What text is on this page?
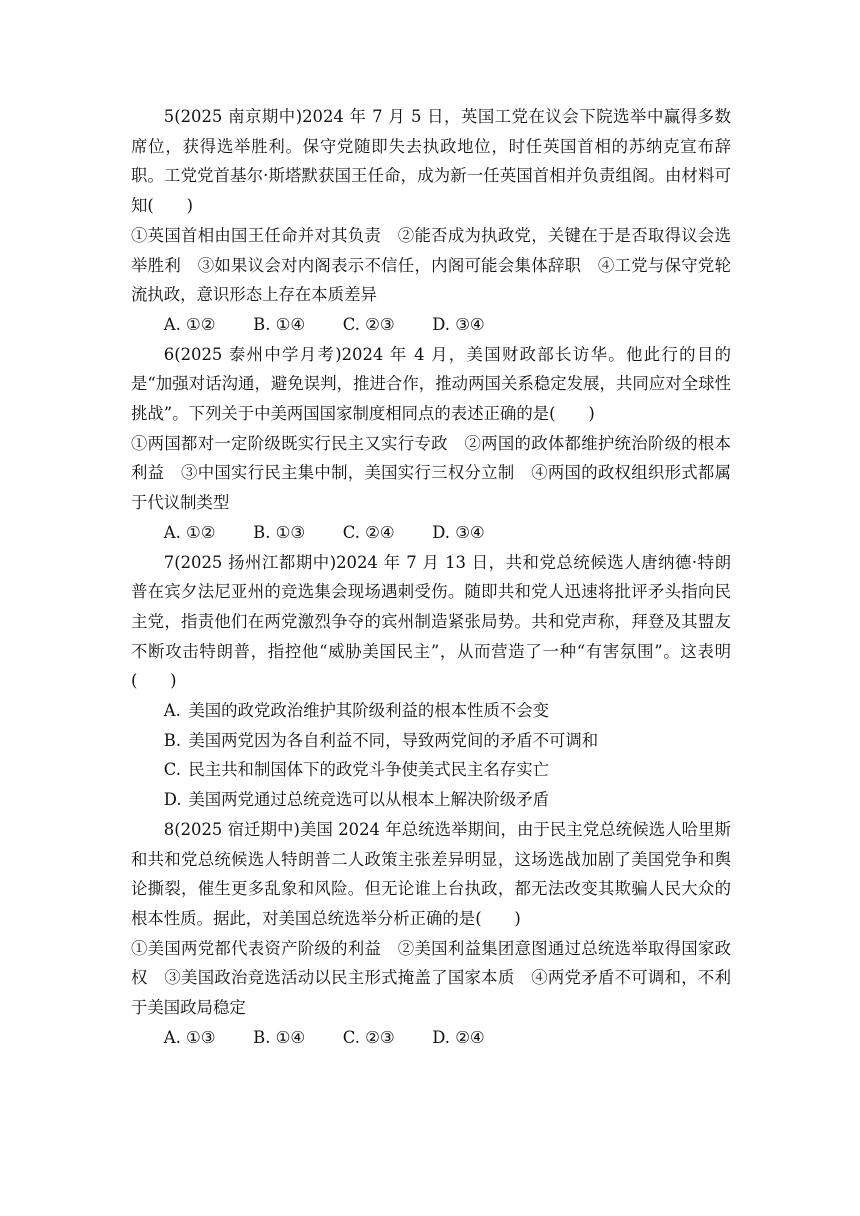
5(2025 南京期中)2024 年 7 月 5 日，英国工党在议会下院选举中赢得多数席位，获得选举胜利。保守党随即失去执政地位，时任英国首相的苏纳克宣布辞职。工党党首基尔·斯塔默获国王任命，成为新一任英国首相并负责组阁。由材料可知(　　)

①英国首相由国王任命并对其负责　②能否成为执政党，关键在于是否取得议会选举胜利　③如果议会对内阁表示不信任，内阁可能会集体辞职　④工党与保守党轮流执政，意识形态上存在本质差异

A. ①② B. ①④ C. ②③ D. ③④

6(2025 泰州中学月考)2024 年 4 月，美国财政部长访华。他此行的目的是“加强对话沟通，避免误判，推进合作，推动两国关系稳定发展，共同应对全球性挑战”。下列关于中美两国国家制度相同点的表述正确的是(　　)

①两国都对一定阶级既实行民主又实行专政　②两国的政体都维护统治阶级的根本利益　③中国实行民主集中制，美国实行三权分立制　④两国的政权组织形式都属于代议制类型

A. ①② B. ①③ C. ②④ D. ③④

7(2025 扬州江都期中)2024 年 7 月 13 日，共和党总统候选人唐纳德·特朗普在宾夕法尼亚州的竞选集会现场遇刺受伤。随即共和党人迅速将批评矛头指向民主党，指责他们在两党激烈争夺的宾州制造紧张局势。共和党声称，拜登及其盟友不断攻击特朗普，指控他“威胁美国民主”，从而营造了一种“有害氛围”。这表明(　　)

A. 美国的政党政治维护其阶级利益的根本性质不会变

B. 美国两党因为各自利益不同，导致两党间的矛盾不可调和

C. 民主共和制国体下的政党斗争使美式民主名存实亡

D. 美国两党通过总统竞选可以从根本上解决阶级矛盾

8(2025 宿迁期中)美国 2024 年总统选举期间，由于民主党总统候选人哈里斯和共和党总统候选人特朗普二人政策主张差异明显，这场选战加剧了美国党争和舆论撕裂，催生更多乱象和风险。但无论谁上台执政，都无法改变其欺骗人民大众的根本性质。据此，对美国总统选举分析正确的是(　　)

①美国两党都代表资产阶级的利益　②美国利益集团意图通过总统选举取得国家政权　③美国政治竞选活动以民主形式掩盖了国家本质　④两党矛盾不可调和，不利于美国政局稳定

A. ①③ B. ①④ C. ②③ D. ②④
